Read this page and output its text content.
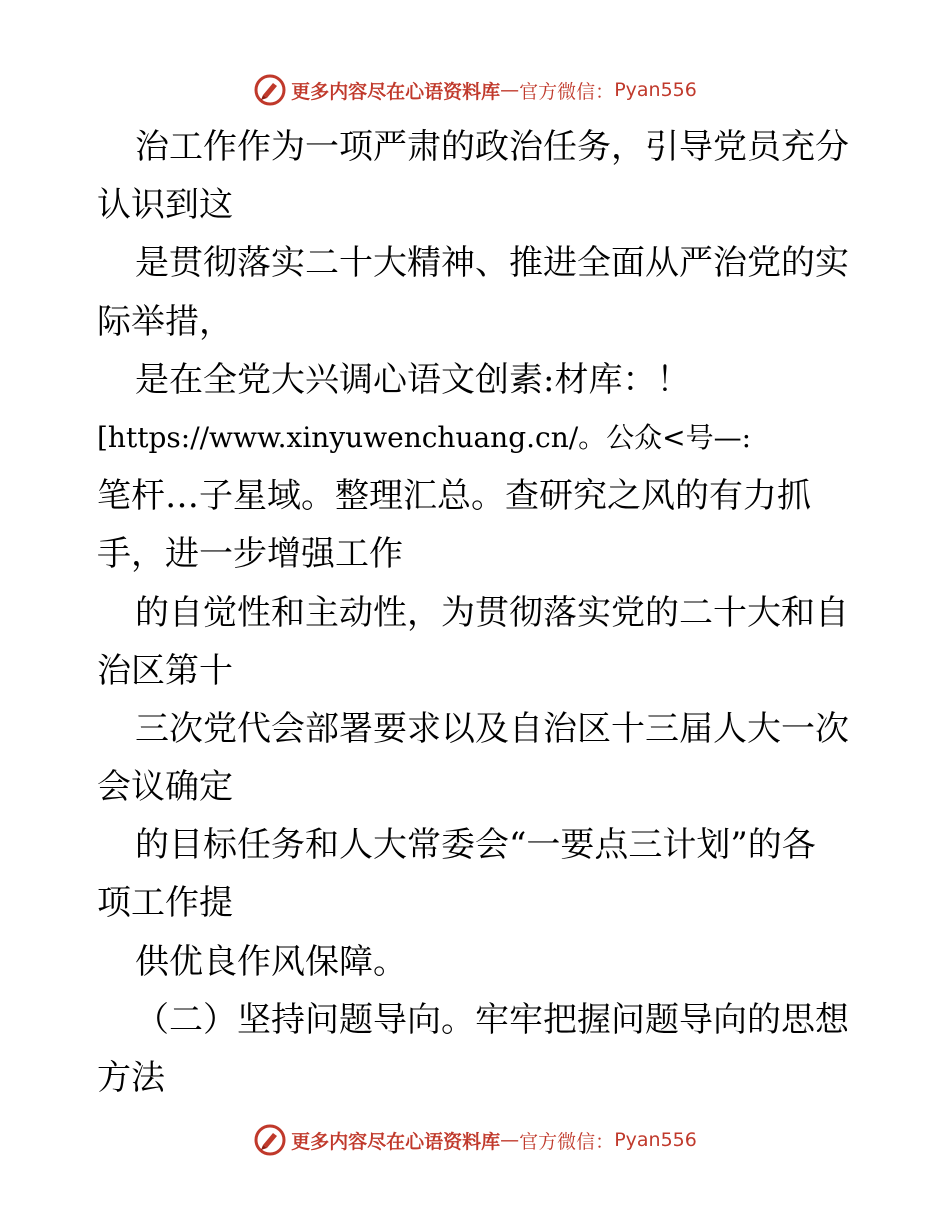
更多内容尽在心语资料库 — 官方微信： Pyan556
治工作作为一项严肃的政治任务，引导党员充分
认识到这
是贯彻落实二十大精神、推进全面从严治党的实
际举措，
是在全党大兴调心语文创素:材库：！
[https://www.xinyuwenchuang.cn/。公众<号—:
笔杆…子星域。整理汇总。查研究之风的有力抓
手，进一步增强工作
的自觉性和主动性，为贯彻落实党的二十大和自
治区第十
三次党代会部署要求以及自治区十三届人大一次
会议确定
的目标任务和人大常委会“一要点三计划”的各
项工作提
供优良作风保障。
（二）坚持问题导向。牢牢把握问题导向的思想
方法
更多内容尽在心语资料库 — 官方微信： Pyan556
